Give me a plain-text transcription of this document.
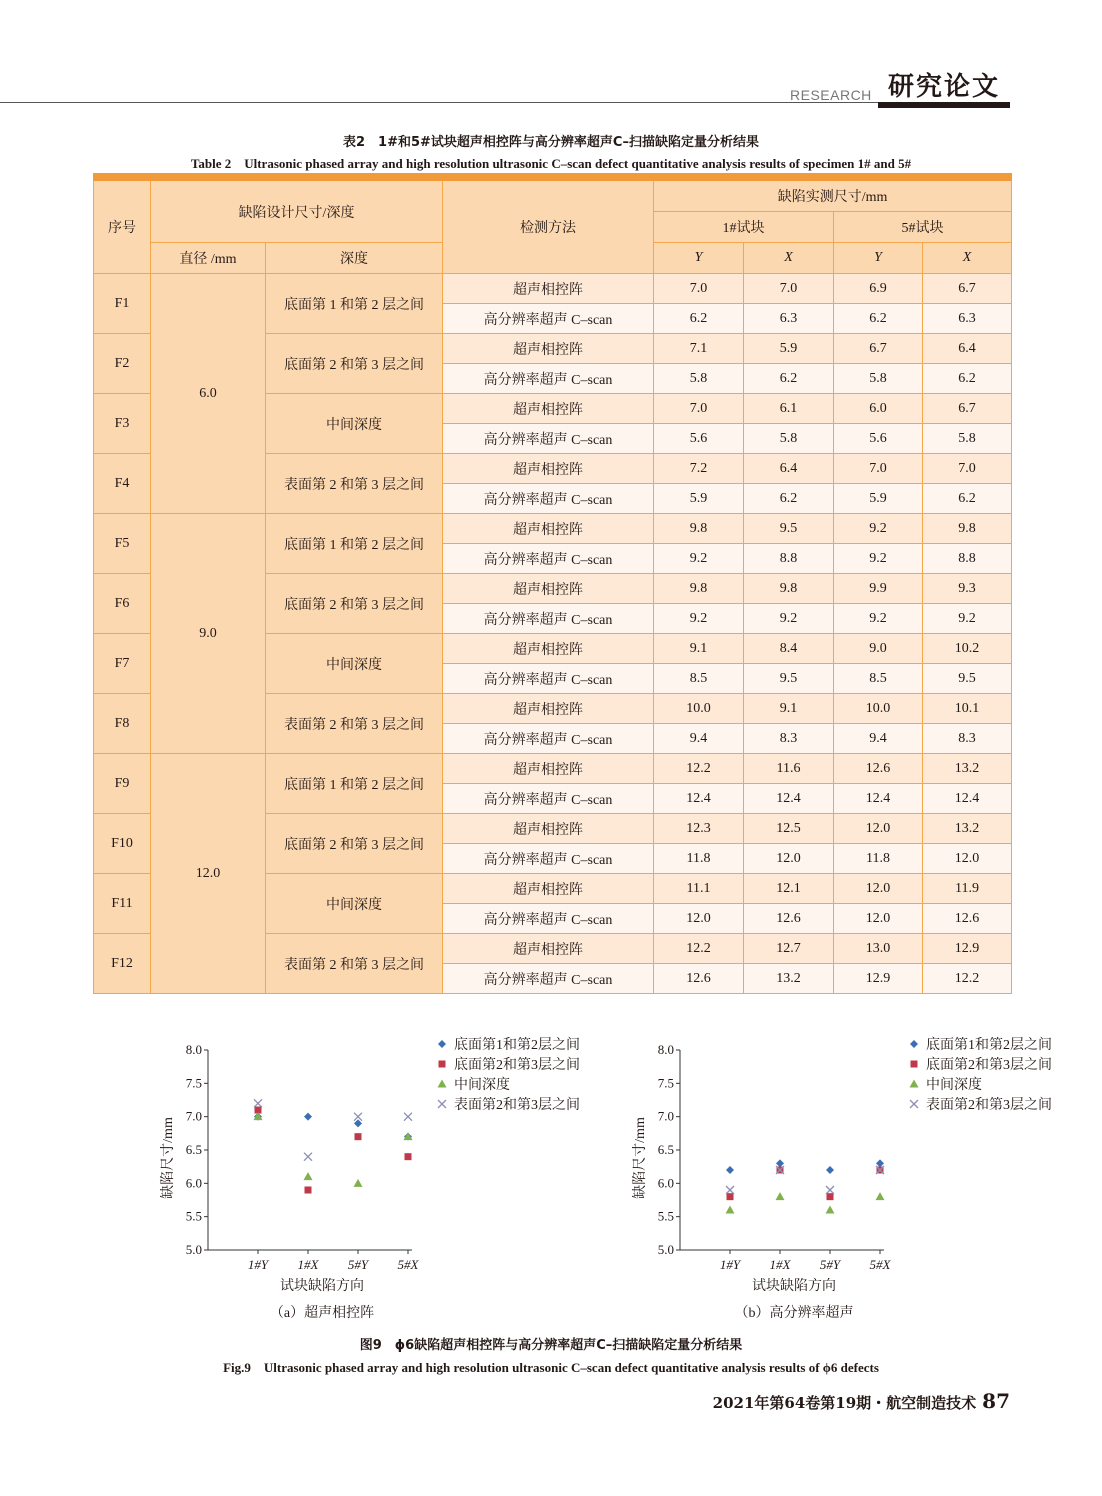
RESEARCH 研究论文
表2　1#和5#试块超声相控阵与高分辨率超声C–扫描缺陷定量分析结果
Table 2　Ultrasonic phased array and high resolution ultrasonic C–scan defect quantitative analysis results of specimen 1# and 5#
序号	缺陷设计尺寸/深度		检测方法	缺陷实测尺寸/mm			
				1#试块		5#试块	
	直径 /mm	深度		Y	X	Y	X
F1	6.0	底面第 1 和第 2 层之间	超声相控阵	7.0	7.0	6.9	6.7
			高分辨率超声 C–scan	6.2	6.3	6.2	6.3
F2		底面第 2 和第 3 层之间	超声相控阵	7.1	5.9	6.7	6.4
			高分辨率超声 C–scan	5.8	6.2	5.8	6.2
F3		中间深度	超声相控阵	7.0	6.1	6.0	6.7
			高分辨率超声 C–scan	5.6	5.8	5.6	5.8
F4		表面第 2 和第 3 层之间	超声相控阵	7.2	6.4	7.0	7.0
			高分辨率超声 C–scan	5.9	6.2	5.9	6.2
F5	9.0	底面第 1 和第 2 层之间	超声相控阵	9.8	9.5	9.2	9.8
			高分辨率超声 C–scan	9.2	8.8	9.2	8.8
F6		底面第 2 和第 3 层之间	超声相控阵	9.8	9.8	9.9	9.3
			高分辨率超声 C–scan	9.2	9.2	9.2	9.2
F7		中间深度	超声相控阵	9.1	8.4	9.0	10.2
			高分辨率超声 C–scan	8.5	9.5	8.5	9.5
F8		表面第 2 和第 3 层之间	超声相控阵	10.0	9.1	10.0	10.1
			高分辨率超声 C–scan	9.4	8.3	9.4	8.3
F9	12.0	底面第 1 和第 2 层之间	超声相控阵	12.2	11.6	12.6	13.2
			高分辨率超声 C–scan	12.4	12.4	12.4	12.4
F10		底面第 2 和第 3 层之间	超声相控阵	12.3	12.5	12.0	13.2
			高分辨率超声 C–scan	11.8	12.0	11.8	12.0
F11		中间深度	超声相控阵	11.1	12.1	12.0	11.9
			高分辨率超声 C–scan	12.0	12.6	12.0	12.6
F12		表面第 2 和第 3 层之间	超声相控阵	12.2	12.7	13.0	12.9
			高分辨率超声 C–scan	12.6	13.2	12.9	12.2
5.0
5.5
6.0
6.5
7.0
7.5
8.0
1#Y 1#X 5#Y 5#X
试块缺陷方向
缺陷尺寸/mm
（a）超声相控阵
底面第1和第2层之间
底面第2和第3层之间
中间深度
表面第2和第3层之间
5.0
5.5
6.0
6.5
7.0
7.5
8.0
1#Y 1#X 5#Y 5#X
试块缺陷方向
缺陷尺寸/mm
（b）高分辨率超声
底面第1和第2层之间
底面第2和第3层之间
中间深度
表面第2和第3层之间
图9　ϕ6缺陷超声相控阵与高分辨率超声C–扫描缺陷定量分析结果
Fig.9　Ultrasonic phased array and high resolution ultrasonic C–scan defect quantitative analysis results of ϕ6 defects
2021年第64卷第19期・航空制造技术 87
